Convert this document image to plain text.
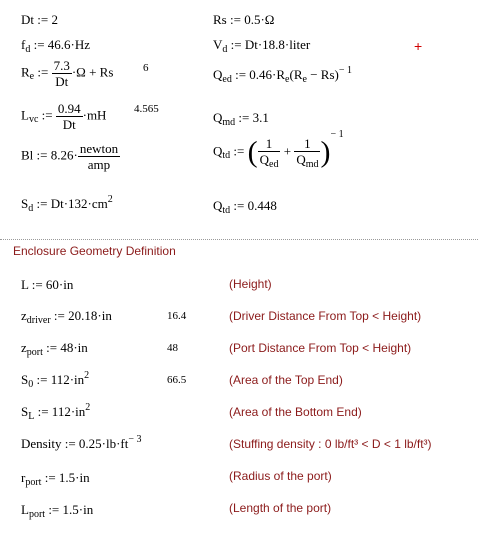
Dt := 2
$f_d$ := 46.6·Hz
$R_e$ := $\frac{7.3}{Dt} \cdot\Omega + Rs$	6
$L_{vc}$ := $\frac{0.94}{Dt} \cdot mH$	4.565
Bl := $8.26\cdot \frac{\text{newton}}{\text{amp}}$
$S_d$ := $Dt\cdot 132\cdot cm^2$
Rs := 0.5·Ω
$V_d$ := Dt·18.8·liter	+
$Q_{ed}$ := $0.46\cdot R_e(R_e - Rs)^{- 1}$
$Q_{md}$ := 3.1
$Q_{td}$ := ( $\frac{1}{Q_{ed}} + \frac{1}{Q_{md}} )^{- 1}$
$Q_{td}$ := 0.448
Enclosure Geometry Definition
L := 60·in	(Height)
$z_{driver}$ := 20.18·in	16.4	(Driver Distance From Top < Height)
$z_{port}$ := 48·in	48	(Port Distance From Top < Height)
$S_0$ := $112\cdot in^2$	66.5	(Area of the Top End)
$S_L$ := $112\cdot in^2$	(Area of the Bottom End)
Density := $0.25\cdot lb\cdot ft^{- 3}$	(Stuffing density : 0 lb/ft³ < D < 1 lb/ft³)
$r_{port}$ := 1.5·in	(Radius of the port)
$L_{port}$ := 1.5·in	(Length of the port)
